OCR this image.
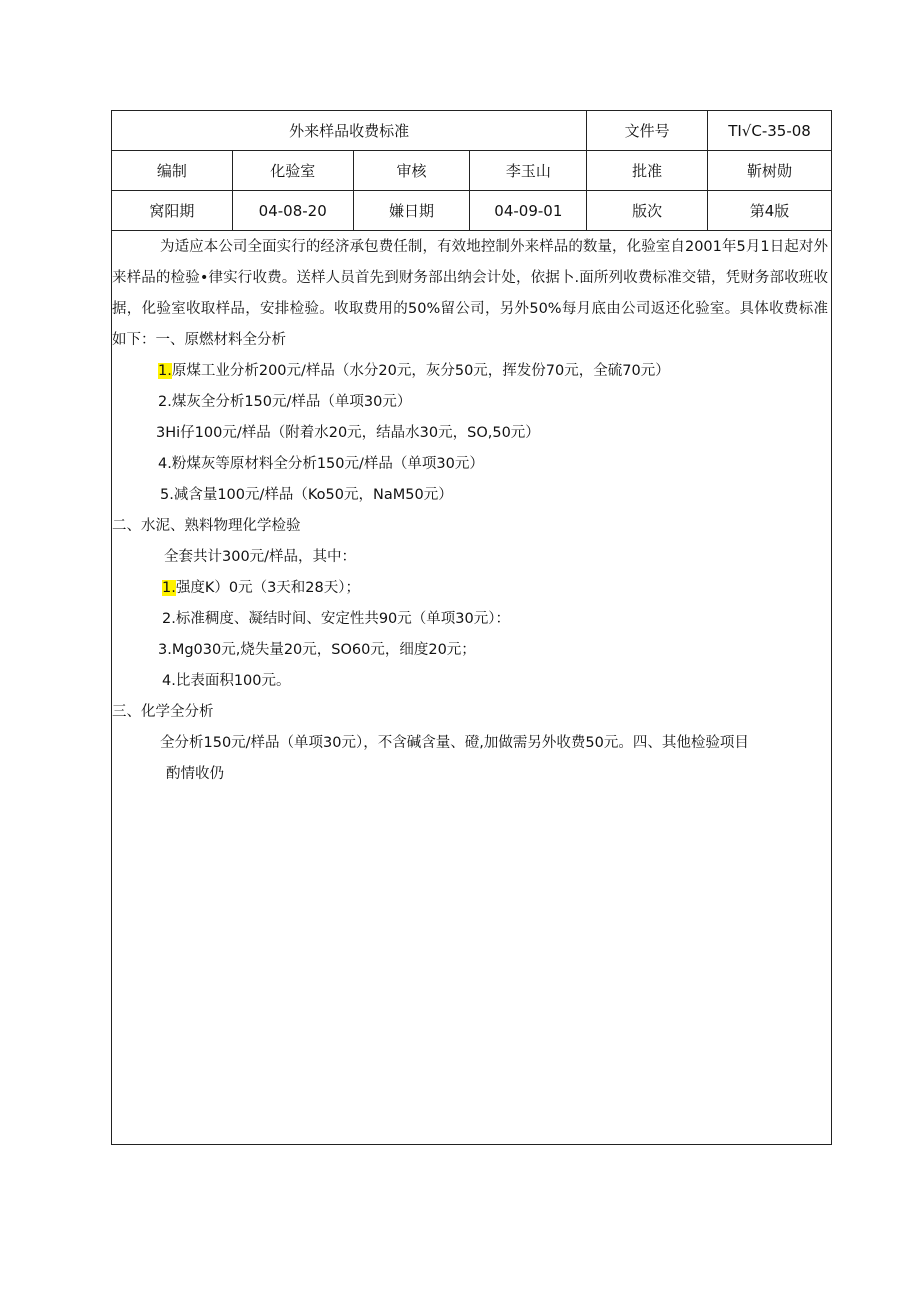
外来样品收费标准				文件号	TI√C-35-08
编制	化验室	审核	李玉山	批准	靳树勋
窝阳期	04-08-20	嫌日期	04-09-01	版次	第4版

为适应本公司全面实行的经济承包费任制，有效地控制外来样品的数量，化验室自2001年5月1日起对外来样品的检验•律实行收费。送样人员首先到财务部出纳会计处，依据卜.面所列收费标准交错，凭财务部收班收据，化验室收取样品，安排检验。收取费用的50%留公司，另外50%每月底由公司返还化验室。具体收费标准如下：一、原燃材料全分析

1.原煤工业分析200元/样品（水分20元，灰分50元，挥发份70元，全硫70元）

2.煤灰全分析150元/样品（单项30元）

3Hi仔100元/样品（附着水20元，结晶水30元，SO,50元）

4.粉煤灰等原材料全分析150元/样品（单项30元）

5.减含量100元/样品（Ko50元，NaM50元）

二、水泥、熟料物理化学检验

全套共计300元/样品，其中：

1.强度K）0元（3天和28天）；

2.标准稠度、凝结时间、安定性共90元（单项30元）：

3.Mg030元,烧失量20元，SO60元，细度20元；

4.比表面积100元。

三、化学全分析

全分析150元/样品（单项30元），不含碱含量、磴,加做需另外收费50元。四、其他检验项目

酌情收仍
